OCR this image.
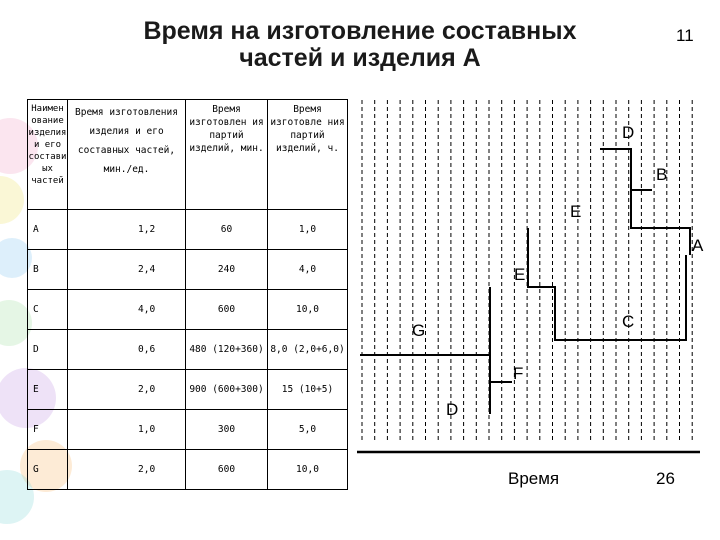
Время на изготовление составных
частей и изделия А
11
Наимен ование изделия и его состави ых частей	Время изготовления изделия и его составных частей, мин./ед.	Время изготовлен ия партий изделий, мин.	Время изготовле ния партий изделий, ч.
A	1,2	60	1,0
B	2,4	240	4,0
C	4,0	600	10,0
D	0,6	480 (120+360)	8,0 (2,0+6,0)
E	2,0	900 (600+300)	15 (10+5)
F	1,0	300	5,0
G	2,0	600	10,0
D
B
E
A
E
C
G
F
D
Время	26
